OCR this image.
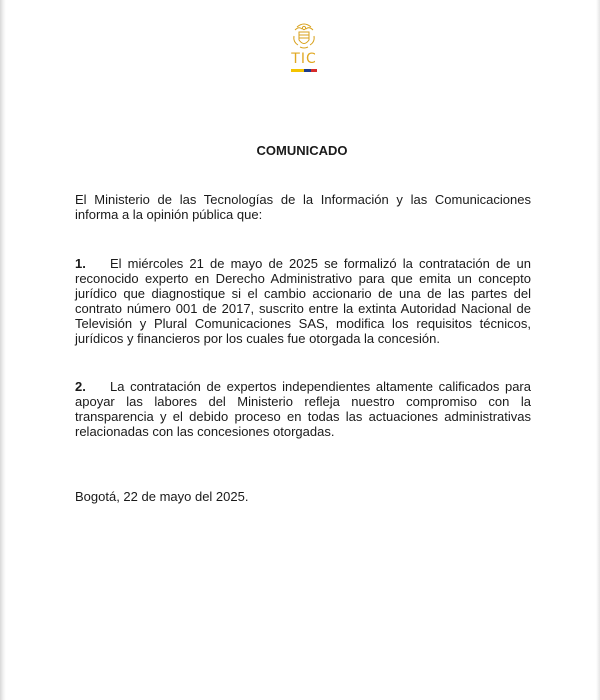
TIC
COMUNICADO
El Ministerio de las Tecnologías de la Información y las Comunicaciones informa a la opinión pública que:
1. El miércoles 21 de mayo de 2025 se formalizó la contratación de un reconocido experto en Derecho Administrativo para que emita un concepto jurídico que diagnostique si el cambio accionario de una de las partes del contrato número 001 de 2017, suscrito entre la extinta Autoridad Nacional de Televisión y Plural Comunicaciones SAS, modifica los requisitos técnicos, jurídicos y financieros por los cuales fue otorgada la concesión.
2. La contratación de expertos independientes altamente calificados para apoyar las labores del Ministerio refleja nuestro compromiso con la transparencia y el debido proceso en todas las actuaciones administrativas relacionadas con las concesiones otorgadas.
Bogotá, 22 de mayo del 2025.
